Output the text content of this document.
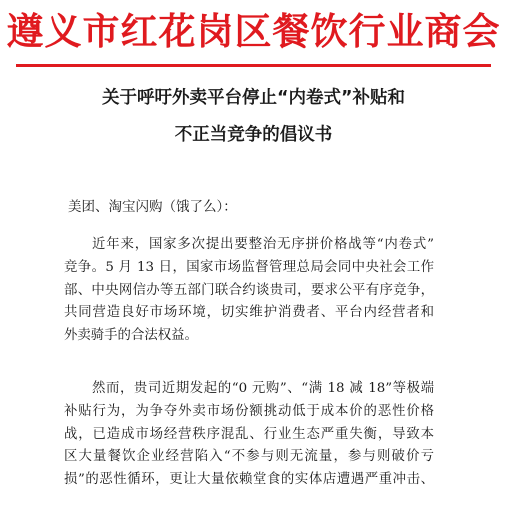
遵义市红花岗区餐饮行业商会
关于呼吁外卖平台停止“内卷式”补贴和
不正当竞争的倡议书
美团、淘宝闪购（饿了么）：
近年来，国家多次提出要整治无序拼价格战等“内卷式”
竞争。5 月 13 日，国家市场监督管理总局会同中央社会工作
部、中央网信办等五部门联合约谈贵司，要求公平有序竞争，
共同营造良好市场环境，切实维护消费者、平台内经营者和
外卖骑手的合法权益。
然而，贵司近期发起的“0 元购”、“满 18 减 18”等极端
补贴行为，为争夺外卖市场份额挑动低于成本价的恶性价格
战，已造成市场经营秩序混乱、行业生态严重失衡，导致本
区大量餐饮企业经营陷入“不参与则无流量，参与则破价亏
损”的恶性循环，更让大量依赖堂食的实体店遭遇严重冲击、
